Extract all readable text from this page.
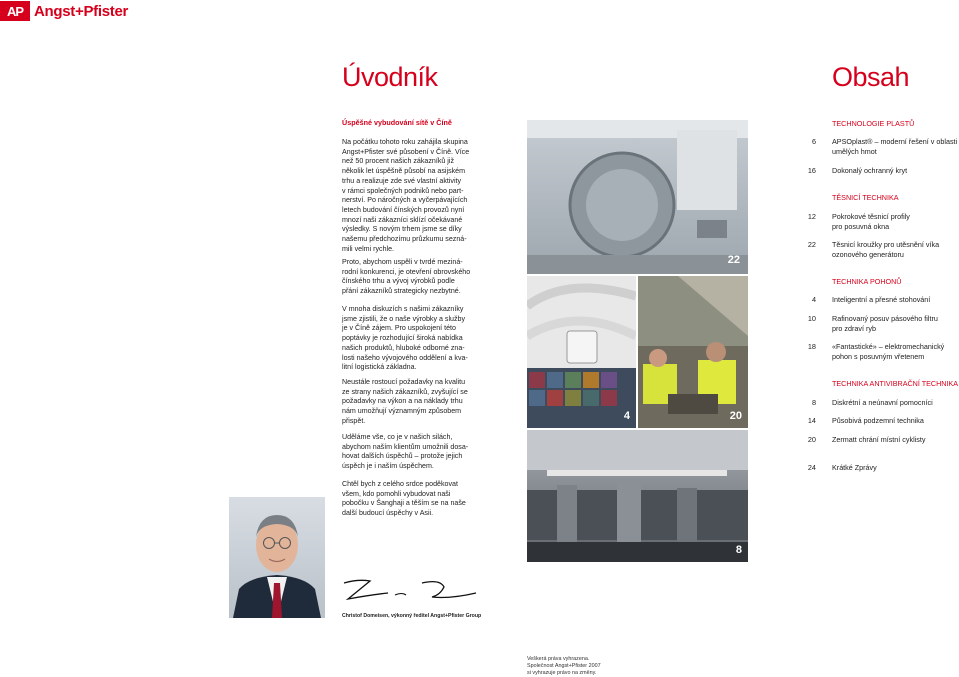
AP Angst+Pfister
Úvodník
Úspěšné vybudování sítě v Číně
Na počátku tohoto roku zahájila skupina
Angst+Pfister své působení v Číně. Více
než 50 procent našich zákazníků již
několik let úspěšně působí na asijském
trhu a realizuje zde své vlastní aktivity
v rámci společných podniků nebo part-
nerství. Po náročných a vyčerpávajících
letech budování čínských provozů nyní
mnozí naši zákazníci sklízí očekávané
výsledky. S novým trhem jsme se díky
našemu předchozímu průzkumu sezná-
mili velmi rychle.
Proto, abychom uspěli v tvrdé meziná-
rodní konkurenci, je otevření obrovského
čínského trhu a vývoj výrobků podle
přání zákazníků strategicky nezbytné.
V mnoha diskuzích s našimi zákazníky
jsme zjistili, že o naše výrobky a služby
je v Číně zájem. Pro uspokojení této
poptávky je rozhodující široká nabídka
našich produktů, hluboké odborné zna-
losti našeho vývojového oddělení a kva-
litní logistická základna.
Neustále rostoucí požadavky na kvalitu
ze strany našich zákazníků, zvyšující se
požadavky na výkon a na náklady trhu
nám umožňují významným způsobem
přispět.
Uděláme vše, co je v našich silách,
abychom naším klientům umožnili dosa-
hovat dalších úspěchů – protože jejich
úspěch je i naším úspěchem.
Chtěl bych z celého srdce poděkovat
všem, kdo pomohli vybudovat naši
pobočku v Šanghaji a těším se na naše
další budoucí úspěchy v Asii.
Christof Domeisen, výkonný ředitel Angst+Pfister Group
22
4	20
8
Obsah
TECHNOLOGIE PLASTŮ
6 APSOplast® – moderní řešení v oblasti
umělých hmot
16 Dokonalý ochranný kryt
TĚSNICÍ TECHNIKA
12 Pokrokové těsnicí profily
pro posuvná okna
22 Těsnicí kroužky pro utěsnění víka
ozonového generátoru
TECHNIKA POHONŮ
4 Inteligentní a přesné stohování
10 Rafinovaný posuv pásového filtru
pro zdraví ryb
18 «Fantastické» – elektromechanický
pohon s posuvným vřetenem
TECHNIKA ANTIVIBRAČNÍ TECHNIKA
8 Diskrétní a neúnavní pomocníci
14 Působivá podzemní technika
20 Zermatt chrání místní cyklisty
24 Krátké Zprávy
Veškerá práva vyhrazena.
Společnost Angst+Pfister 2007
si vyhrazuje právo na změny.
